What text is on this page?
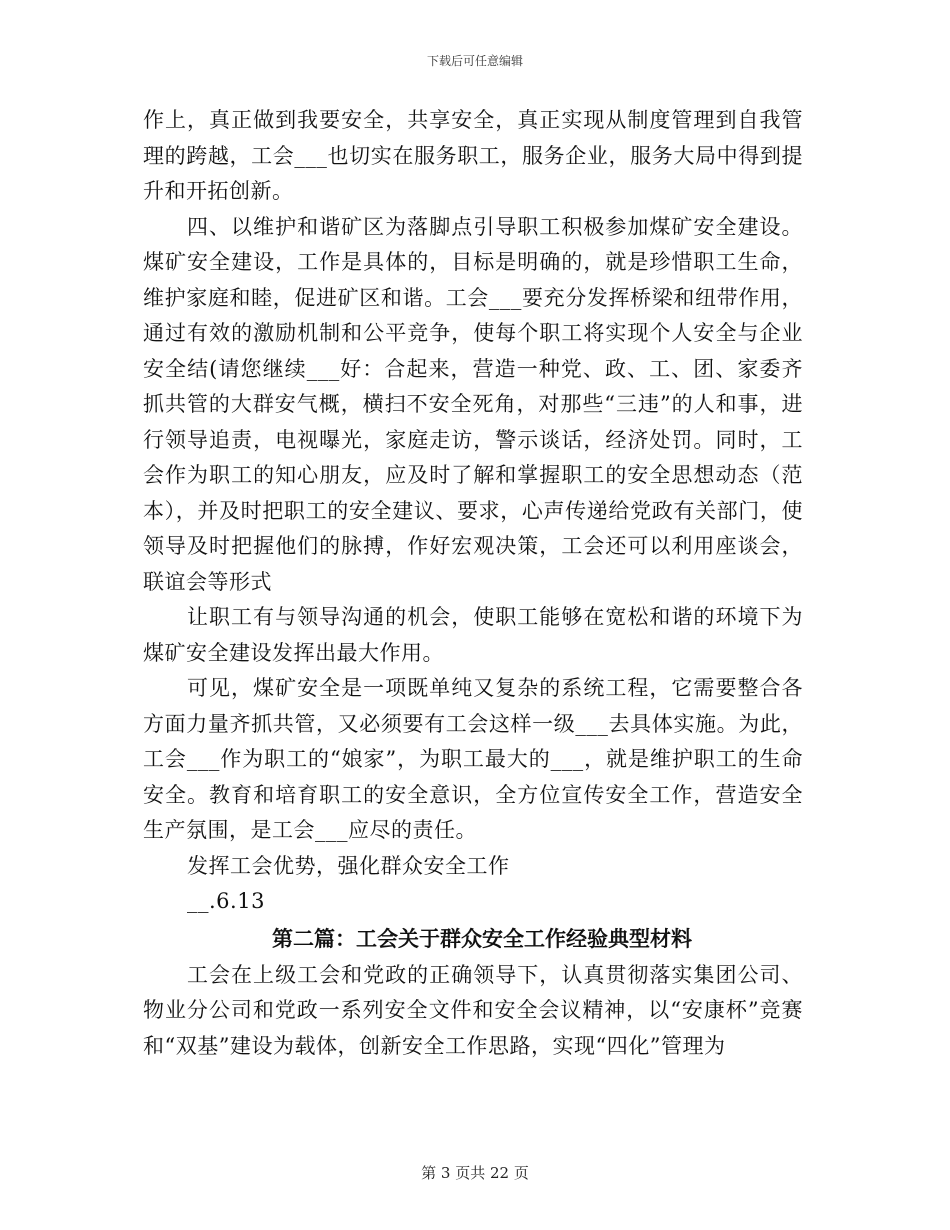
下载后可任意编辑

作上，真正做到我要安全，共享安全，真正实现从制度管理到自我管理的跨越，工会___也切实在服务职工，服务企业，服务大局中得到提升和开拓创新。

四、以维护和谐矿区为落脚点引导职工积极参加煤矿安全建设。煤矿安全建设，工作是具体的，目标是明确的，就是珍惜职工生命，维护家庭和睦，促进矿区和谐。工会___要充分发挥桥梁和纽带作用，通过有效的激励机制和公平竞争，使每个职工将实现个人安全与企业安全结(请您继续___好：合起来，营造一种党、政、工、团、家委齐抓共管的大群安气概，横扫不安全死角，对那些“三违”的人和事，进行领导追责，电视曝光，家庭走访，警示谈话，经济处罚。同时，工会作为职工的知心朋友，应及时了解和掌握职工的安全思想动态（范本），并及时把职工的安全建议、要求，心声传递给党政有关部门，使领导及时把握他们的脉搏，作好宏观决策，工会还可以利用座谈会，联谊会等形式

让职工有与领导沟通的机会，使职工能够在宽松和谐的环境下为煤矿安全建设发挥出最大作用。

可见，煤矿安全是一项既单纯又复杂的系统工程，它需要整合各方面力量齐抓共管，又必须要有工会这样一级___去具体实施。为此，工会___作为职工的“娘家”，为职工最大的___，就是维护职工的生命安全。教育和培育职工的安全意识，全方位宣传安全工作，营造安全生产氛围，是工会___应尽的责任。

发挥工会优势，强化群众安全工作

__.6.13

第二篇：工会关于群众安全工作经验典型材料

工会在上级工会和党政的正确领导下，认真贯彻落实集团公司、物业分公司和党政一系列安全文件和安全会议精神，以“安康杯”竞赛和“双基”建设为载体，创新安全工作思路，实现“四化”管理为

第 3 页共 22 页
